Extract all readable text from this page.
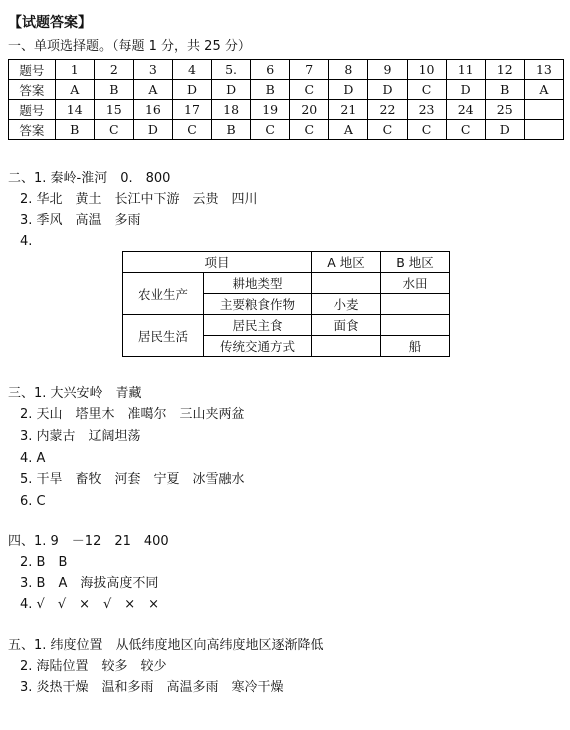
【试题答案】
一、单项选择题。（每题 1 分，共 25 分）
题号	1	2	3	4	5.	6	7	8	9	10	11	12	13
答案	A	B	A	D	D	B	C	D	D	C	D	B	A
题号	14	15	16	17	18	19	20	21	22	23	24	25	
答案	B	C	D	C	B	C	C	A	C	C	C	D	
二、1. 秦岭-淮河　0.　800
2. 华北　黄土　长江中下游　云贵　四川
3. 季风　高温　多雨
4.
项目		A 地区	B 地区
农业生产	耕地类型		水田
	主要粮食作物	小麦	
居民生活	居民主食	面食	
	传统交通方式		船
三、1. 大兴安岭　青藏
2. 天山　塔里木　准噶尔　三山夹两盆
3. 内蒙古　辽阔坦荡
4. A
5. 干旱　畜牧　河套　宁夏　冰雪融水
6. C
四、1. 9　－12　21　400
2. B　B
3. B　A　海拔高度不同
4. √　√　×　√　×　×
五、1. 纬度位置　从低纬度地区向高纬度地区逐渐降低
2. 海陆位置　较多　较少
3. 炎热干燥　温和多雨　高温多雨　寒冷干燥
